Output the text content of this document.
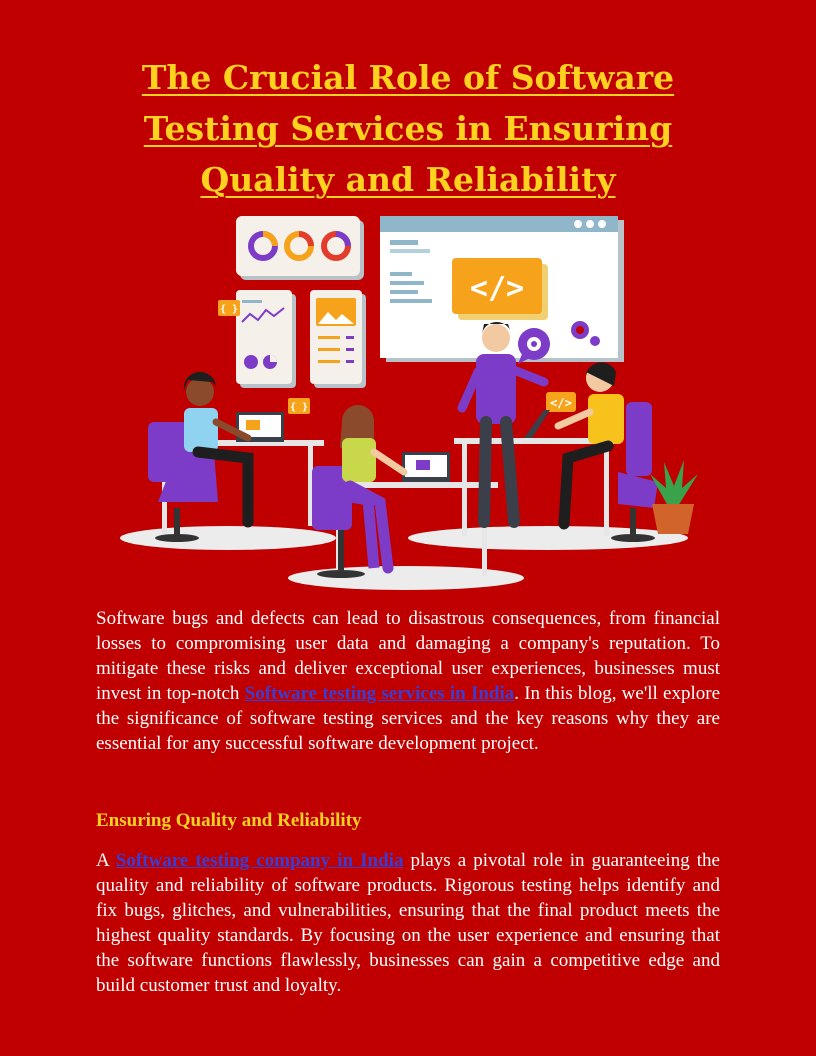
The Crucial Role of Software Testing Services in Ensuring Quality and Reliability
</>
{ }
{ }	</>

Software bugs and defects can lead to disastrous consequences, from financial losses to compromising user data and damaging a company's reputation. To mitigate these risks and deliver exceptional user experiences, businesses must invest in top-notch Software testing services in India. In this blog, we'll explore the significance of software testing services and the key reasons why they are essential for any successful software development project.

Ensuring Quality and Reliability

A Software testing company in India plays a pivotal role in guaranteeing the quality and reliability of software products. Rigorous testing helps identify and fix bugs, glitches, and vulnerabilities, ensuring that the final product meets the highest quality standards. By focusing on the user experience and ensuring that the software functions flawlessly, businesses can gain a competitive edge and build customer trust and loyalty.
